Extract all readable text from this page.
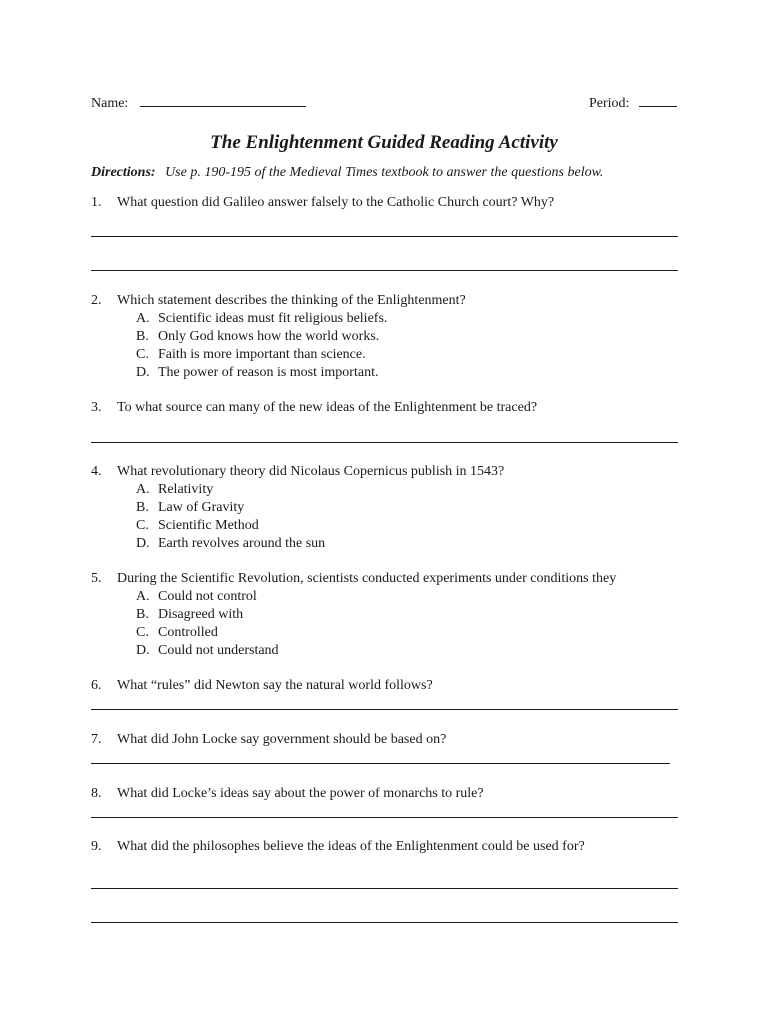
Name:	Period:
The Enlightenment Guided Reading Activity
Directions: Use p. 190-195 of the Medieval Times textbook to answer the questions below.
1. What question did Galileo answer falsely to the Catholic Church court? Why?
2. Which statement describes the thinking of the Enlightenment?
A. Scientific ideas must fit religious beliefs.
B. Only God knows how the world works.
C. Faith is more important than science.
D. The power of reason is most important.
3. To what source can many of the new ideas of the Enlightenment be traced?
4. What revolutionary theory did Nicolaus Copernicus publish in 1543?
A. Relativity
B. Law of Gravity
C. Scientific Method
D. Earth revolves around the sun
5. During the Scientific Revolution, scientists conducted experiments under conditions they
A. Could not control
B. Disagreed with
C. Controlled
D. Could not understand
6. What “rules” did Newton say the natural world follows?
7. What did John Locke say government should be based on?
8. What did Locke’s ideas say about the power of monarchs to rule?
9. What did the philosophes believe the ideas of the Enlightenment could be used for?
